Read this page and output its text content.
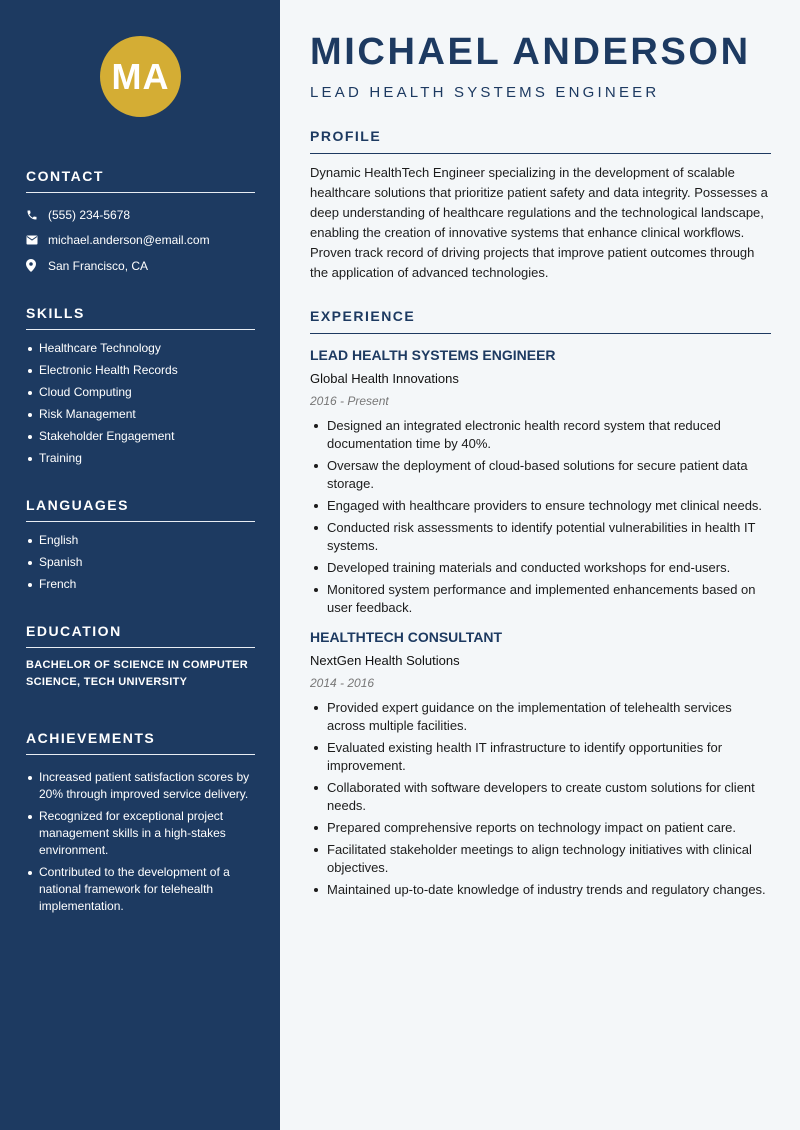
MA
CONTACT
(555) 234-5678
michael.anderson@email.com
San Francisco, CA
SKILLS
Healthcare Technology
Electronic Health Records
Cloud Computing
Risk Management
Stakeholder Engagement
Training
LANGUAGES
English
Spanish
French
EDUCATION
BACHELOR OF SCIENCE IN COMPUTER SCIENCE, TECH UNIVERSITY
ACHIEVEMENTS
Increased patient satisfaction scores by 20% through improved service delivery.
Recognized for exceptional project management skills in a high-stakes environment.
Contributed to the development of a national framework for telehealth implementation.
MICHAEL ANDERSON
LEAD HEALTH SYSTEMS ENGINEER
PROFILE
Dynamic HealthTech Engineer specializing in the development of scalable healthcare solutions that prioritize patient safety and data integrity. Possesses a deep understanding of healthcare regulations and the technological landscape, enabling the creation of innovative systems that enhance clinical workflows. Proven track record of driving projects that improve patient outcomes through the application of advanced technologies.
EXPERIENCE
LEAD HEALTH SYSTEMS ENGINEER
Global Health Innovations
2016 - Present
Designed an integrated electronic health record system that reduced documentation time by 40%.
Oversaw the deployment of cloud-based solutions for secure patient data storage.
Engaged with healthcare providers to ensure technology met clinical needs.
Conducted risk assessments to identify potential vulnerabilities in health IT systems.
Developed training materials and conducted workshops for end-users.
Monitored system performance and implemented enhancements based on user feedback.
HEALTHTECH CONSULTANT
NextGen Health Solutions
2014 - 2016
Provided expert guidance on the implementation of telehealth services across multiple facilities.
Evaluated existing health IT infrastructure to identify opportunities for improvement.
Collaborated with software developers to create custom solutions for client needs.
Prepared comprehensive reports on technology impact on patient care.
Facilitated stakeholder meetings to align technology initiatives with clinical objectives.
Maintained up-to-date knowledge of industry trends and regulatory changes.
